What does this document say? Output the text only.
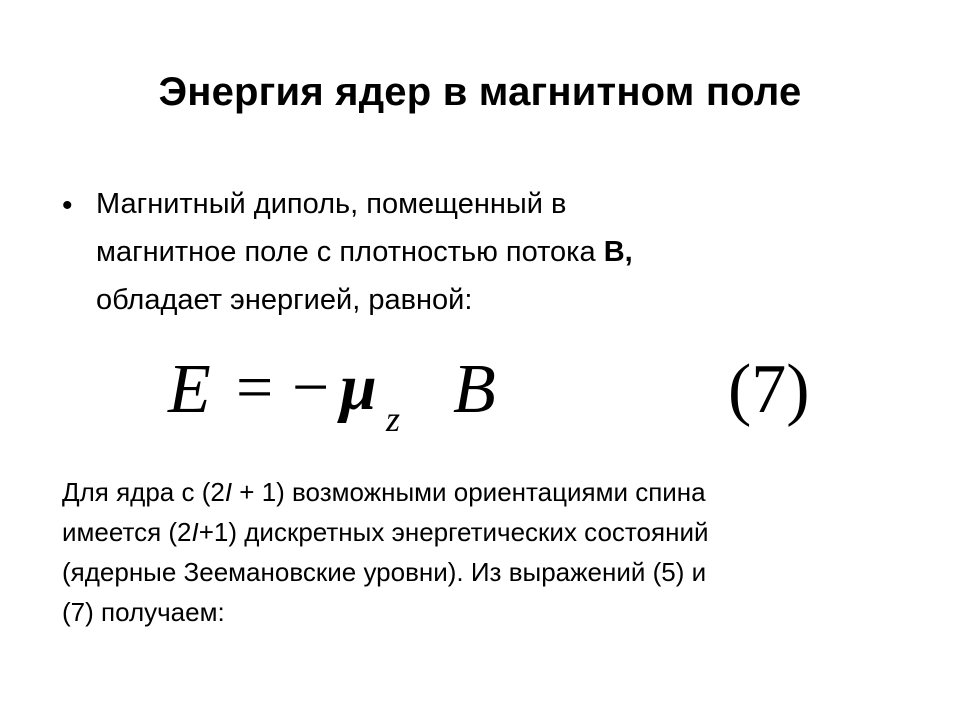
Энергия ядер в магнитном поле
• Магнитный диполь, помещенный в
магнитное поле с плотностью потока B,
обладает энергией, равной:
E = − μ z B	(7)
Для ядра с (2I + 1) возможными ориентациями спина
имеется (2I+1) дискретных энергетических состояний
(ядерные Зеемановские уровни). Из выражений (5) и
(7) получаем:
